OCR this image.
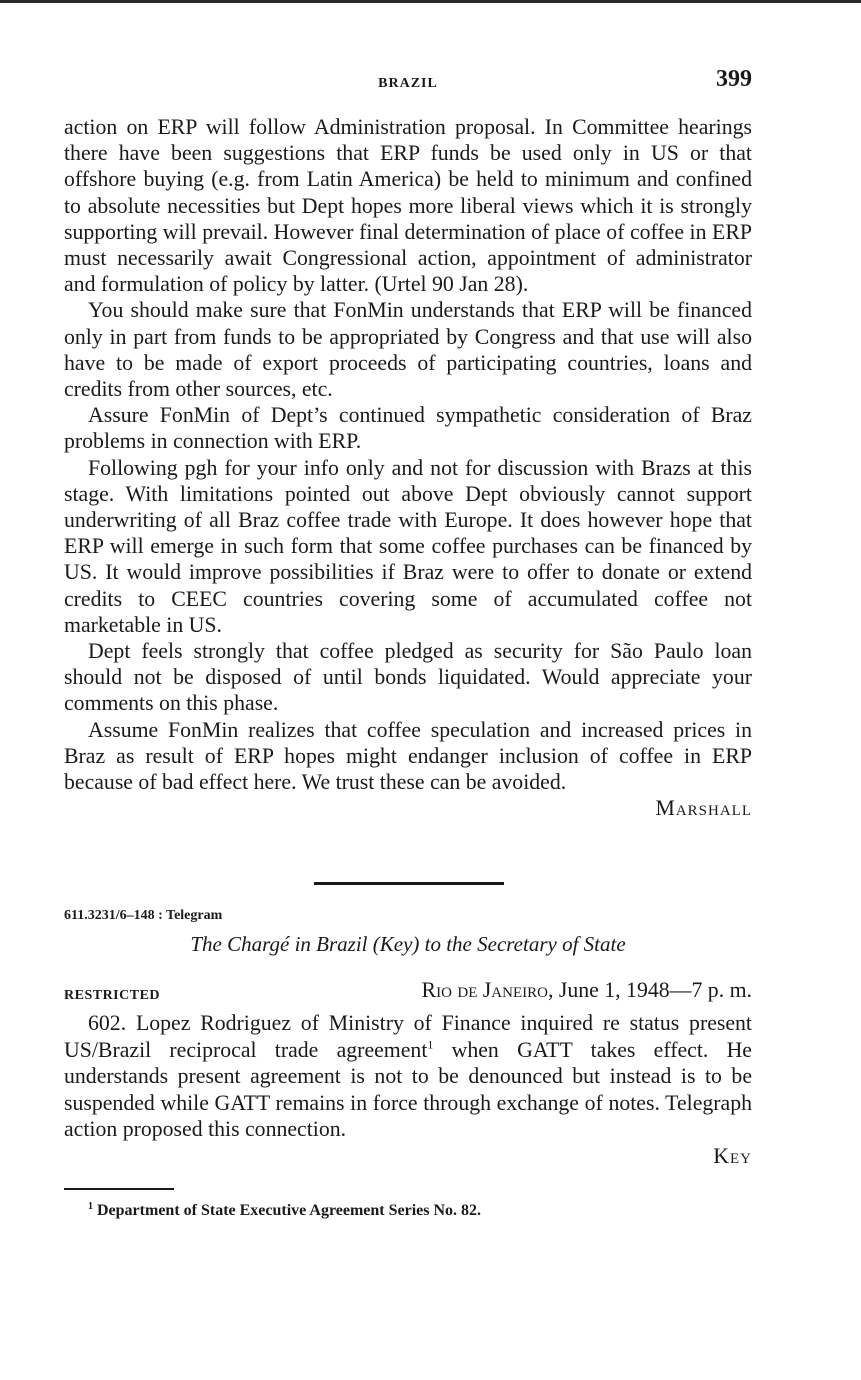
BRAZIL	399

action on ERP will follow Administration proposal. In Committee hearings there have been suggestions that ERP funds be used only in US or that offshore buying (e.g. from Latin America) be held to minimum and confined to absolute necessities but Dept hopes more liberal views which it is strongly supporting will prevail. However final determination of place of coffee in ERP must necessarily await Congressional action, appointment of administrator and formulation of policy by latter. (Urtel 90 Jan 28).

You should make sure that FonMin understands that ERP will be financed only in part from funds to be appropriated by Congress and that use will also have to be made of export proceeds of participating countries, loans and credits from other sources, etc.

Assure FonMin of Dept’s continued sympathetic consideration of Braz problems in connection with ERP.

Following pgh for your info only and not for discussion with Brazs at this stage. With limitations pointed out above Dept obviously cannot support underwriting of all Braz coffee trade with Europe. It does however hope that ERP will emerge in such form that some coffee purchases can be financed by US. It would improve possibilities if Braz were to offer to donate or extend credits to CEEC countries covering some of accumulated coffee not marketable in US.

Dept feels strongly that coffee pledged as security for São Paulo loan should not be disposed of until bonds liquidated. Would appreciate your comments on this phase.

Assume FonMin realizes that coffee speculation and increased prices in Braz as result of ERP hopes might endanger inclusion of coffee in ERP because of bad effect here. We trust these can be avoided.

Marshall

611.3231/6–148 : Telegram
The Chargé in Brazil (Key) to the Secretary of State
RESTRICTED	Rio de Janeiro, June 1, 1948—7 p. m.

602. Lopez Rodriguez of Ministry of Finance inquired re status present US/Brazil reciprocal trade agreement$^1$ when GATT takes effect. He understands present agreement is not to be denounced but instead is to be suspended while GATT remains in force through exchange of notes. Telegraph action proposed this connection.

Key

$^1$ Department of State Executive Agreement Series No. 82.
